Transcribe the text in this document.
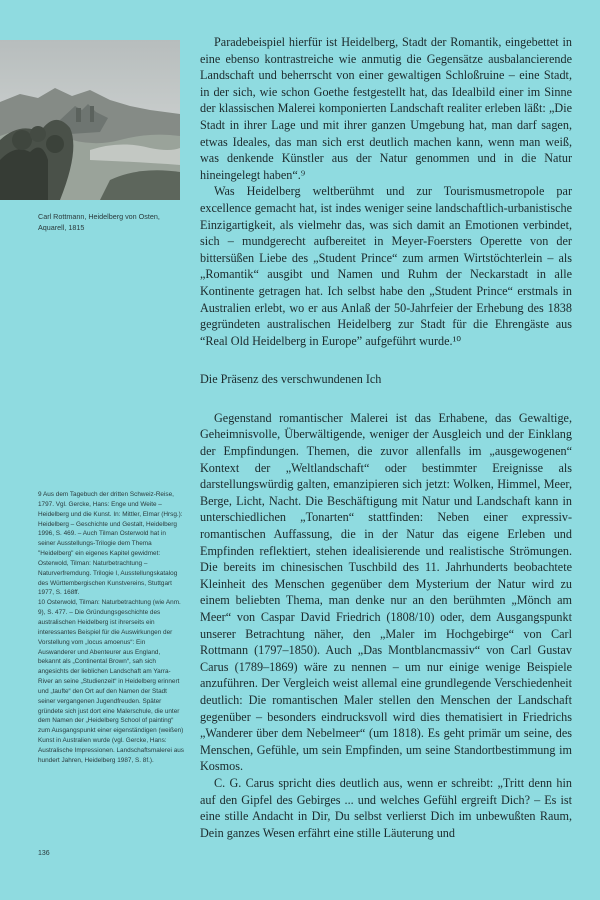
Carl Rottmann, Heidelberg von Osten, Aquarell, 1815

Paradebeispiel hierfür ist Heidelberg, Stadt der Romantik, eingebettet in eine ebenso kontrastreiche wie anmutig die Gegensätze ausbalancierende Landschaft und beherrscht von einer gewaltigen Schloßruine – eine Stadt, in der sich, wie schon Goethe festgestellt hat, das Idealbild einer im Sinne der klassischen Malerei komponierten Landschaft realiter erleben läßt: „Die Stadt in ihrer Lage und mit ihrer ganzen Umgebung hat, man darf sagen, etwas Ideales, das man sich erst deutlich machen kann, wenn man weiß, was denkende Künstler aus der Natur genommen und in die Natur hineingelegt haben“.⁹

Was Heidelberg weltberühmt und zur Tourismusmetropole par excellence gemacht hat, ist indes weniger seine landschaftlich-urbanistische Einzigartigkeit, als vielmehr das, was sich damit an Emotionen verbindet, sich – mundgerecht aufbereitet in Meyer-Foersters Operette von der bittersüßen Liebe des „Student Prince“ zum armen Wirtstöchterlein – als „Romantik“ ausgibt und Namen und Ruhm der Neckarstadt in alle Kontinente getragen hat. Ich selbst habe den „Student Prince“ erstmals in Australien erlebt, wo er aus Anlaß der 50-Jahrfeier der Erhebung des 1838 gegründeten australischen Heidelberg zur Stadt für die Ehrengäste aus “Real Old Heidelberg in Europe” aufgeführt wurde.¹⁰

Die Präsenz des verschwundenen Ich

Gegenstand romantischer Malerei ist das Erhabene, das Gewaltige, Geheimnisvolle, Überwältigende, weniger der Ausgleich und der Einklang der Empfindungen. Themen, die zuvor allenfalls im „ausgewogenen“ Kontext der „Weltlandschaft“ oder bestimmter Ereignisse als darstellungswürdig galten, emanzipieren sich jetzt: Wolken, Himmel, Meer, Berge, Licht, Nacht. Die Beschäftigung mit Natur und Landschaft kann in unterschiedlichen „Tonarten“ stattfinden: Neben einer expressiv-romantischen Auffassung, die in der Natur das eigene Erleben und Empfinden reflektiert, stehen idealisierende und realistische Strömungen. Die bereits im chinesischen Tuschbild des 11. Jahrhunderts beobachtete Kleinheit des Menschen gegenüber dem Mysterium der Natur wird zu einem beliebten Thema, man denke nur an den berühmten „Mönch am Meer“ von Caspar David Friedrich (1808/10) oder, dem Ausgangspunkt unserer Betrachtung näher, den „Maler im Hochgebirge“ von Carl Rottmann (1797–1850). Auch „Das Montblancmassiv“ von Carl Gustav Carus (1789–1869) wäre zu nennen – um nur einige wenige Beispiele anzuführen. Der Vergleich weist allemal eine grundlegende Verschiedenheit deutlich: Die romantischen Maler stellen den Menschen der Landschaft gegenüber – besonders eindrucksvoll wird dies thematisiert in Friedrichs „Wanderer über dem Nebelmeer“ (um 1818). Es geht primär um seine, des Menschen, Gefühle, um sein Empfinden, um seine Standortbestimmung im Kosmos.

C. G. Carus spricht dies deutlich aus, wenn er schreibt: „Tritt denn hin auf den Gipfel des Gebirges ... und welches Gefühl ergreift Dich? – Es ist eine stille Andacht in Dir, Du selbst verlierst Dich im unbewußten Raum, Dein ganzes Wesen erfährt eine stille Läuterung und

9 Aus dem Tagebuch der dritten Schweiz-Reise, 1797. Vgl. Gercke, Hans: Enge und Weite – Heidelberg und die Kunst. In: Mittler, Elmar (Hrsg.): Heidelberg – Geschichte und Gestalt, Heidelberg 1996, S. 469. – Auch Tilman Osterwold hat in seiner Ausstellungs-Trilogie dem Thema "Heidelberg" ein eigenes Kapitel gewidmet: Osterwold, Tilman: Naturbetrachtung – Naturverfremdung. Trilogie I, Ausstellungskatalog des Württembergischen Kunstvereins, Stuttgart 1977, S. 168ff.

10 Osterwold, Tilman: Naturbetrachtung (wie Anm. 9), S. 477. – Die Gründungsgeschichte des australischen Heidelberg ist ihrerseits ein interessantes Beispiel für die Auswirkungen der Vorstellung vom „locus amoenus“: Ein Auswanderer und Abenteurer aus England, bekannt als „Continental Brown“, sah sich angesichts der lieblichen Landschaft am Yarra-River an seine „Studienzeit“ in Heidelberg erinnert und „taufte“ den Ort auf den Namen der Stadt seiner vergangenen Jugendfreuden. Später gründete sich just dort eine Malerschule, die unter dem Namen der „Heidelberg School of painting“ zum Ausgangspunkt einer eigenständigen (weißen) Kunst in Australien wurde (vgl. Gercke, Hans: Australische Impressionen. Landschaftsmalerei aus hundert Jahren, Heidelberg 1987, S. 8f.).

136
